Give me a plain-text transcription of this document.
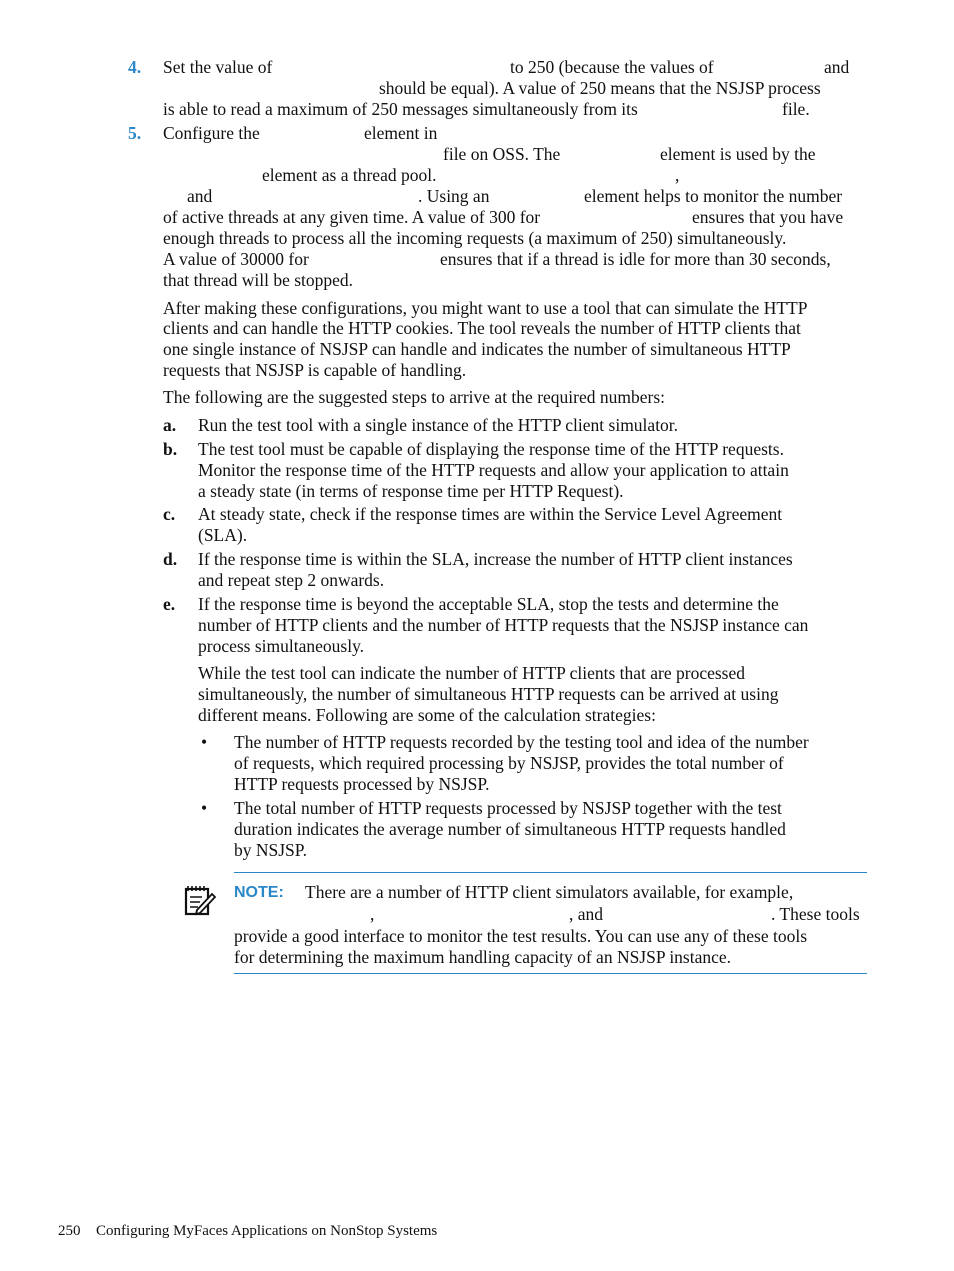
4. Set the value of	to 250 (because the values of	and
should be equal). A value of 250 means that the NSJSP process
is able to read a maximum of 250 messages simultaneously from its	file.
5. Configure the	element in
file on OSS. The	element is used by the
element as a thread pool.	,
and	. Using an	element helps to monitor the number
of active threads at any given time. A value of 300 for	ensures that you have
enough threads to process all the incoming requests (a maximum of 250) simultaneously.
A value of 30000 for	ensures that if a thread is idle for more than 30 seconds,
that thread will be stopped.
After making these configurations, you might want to use a tool that can simulate the HTTP
clients and can handle the HTTP cookies. The tool reveals the number of HTTP clients that
one single instance of NSJSP can handle and indicates the number of simultaneous HTTP
requests that NSJSP is capable of handling.
The following are the suggested steps to arrive at the required numbers:
a. Run the test tool with a single instance of the HTTP client simulator.
b. The test tool must be capable of displaying the response time of the HTTP requests.
Monitor the response time of the HTTP requests and allow your application to attain
a steady state (in terms of response time per HTTP Request).
c. At steady state, check if the response times are within the Service Level Agreement
(SLA).
d. If the response time is within the SLA, increase the number of HTTP client instances
and repeat step 2 onwards.
e. If the response time is beyond the acceptable SLA, stop the tests and determine the
number of HTTP clients and the number of HTTP requests that the NSJSP instance can
process simultaneously.
While the test tool can indicate the number of HTTP clients that are processed
simultaneously, the number of simultaneous HTTP requests can be arrived at using
different means. Following are some of the calculation strategies:
• The number of HTTP requests recorded by the testing tool and idea of the number
of requests, which required processing by NSJSP, provides the total number of
HTTP requests processed by NSJSP.
• The total number of HTTP requests processed by NSJSP together with the test
duration indicates the average number of simultaneous HTTP requests handled
by NSJSP.
NOTE: There are a number of HTTP client simulators available, for example,
,	, and	. These tools
provide a good interface to monitor the test results. You can use any of these tools
for determining the maximum handling capacity of an NSJSP instance.
250 Configuring MyFaces Applications on NonStop Systems
